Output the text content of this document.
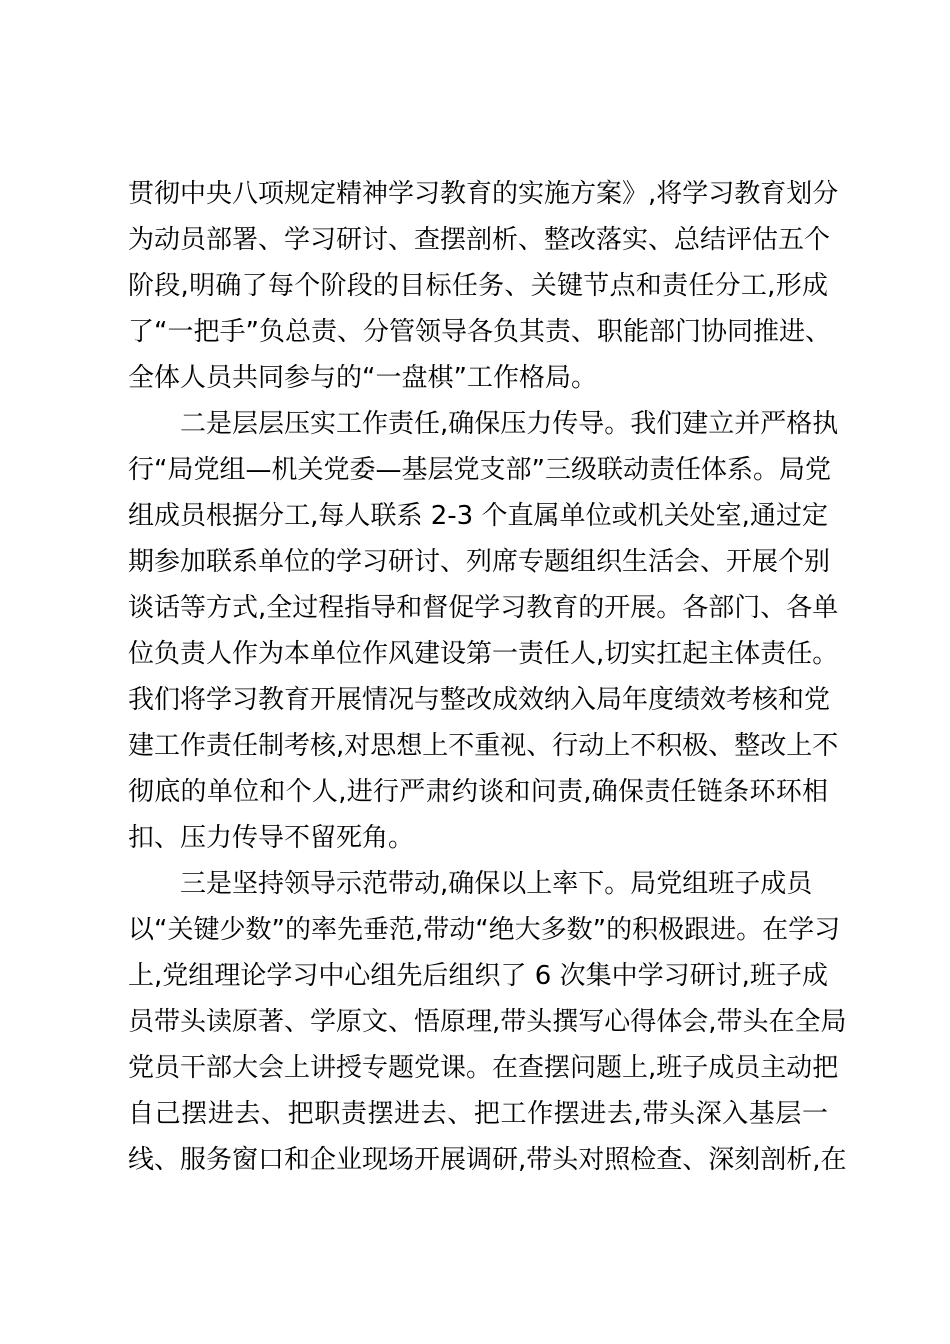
贯彻中央八项规定精神学习教育的实施方案》,将学习教育划分
为动员部署、学习研讨、查摆剖析、整改落实、总结评估五个
阶段,明确了每个阶段的目标任务、关键节点和责任分工,形成
了“一把手”负总责、分管领导各负其责、职能部门协同推进、
全体人员共同参与的“一盘棋”工作格局。
二是层层压实工作责任,确保压力传导。我们建立并严格执
行“局党组—机关党委—基层党支部”三级联动责任体系。局党
组成员根据分工,每人联系 2-3 个直属单位或机关处室,通过定
期参加联系单位的学习研讨、列席专题组织生活会、开展个别
谈话等方式,全过程指导和督促学习教育的开展。各部门、各单
位负责人作为本单位作风建设第一责任人,切实扛起主体责任。
我们将学习教育开展情况与整改成效纳入局年度绩效考核和党
建工作责任制考核,对思想上不重视、行动上不积极、整改上不
彻底的单位和个人,进行严肃约谈和问责,确保责任链条环环相
扣、压力传导不留死角。
三是坚持领导示范带动,确保以上率下。局党组班子成员
以“关键少数”的率先垂范,带动“绝大多数”的积极跟进。在学习
上,党组理论学习中心组先后组织了 6 次集中学习研讨,班子成
员带头读原著、学原文、悟原理,带头撰写心得体会,带头在全局
党员干部大会上讲授专题党课。在查摆问题上,班子成员主动把
自己摆进去、把职责摆进去、把工作摆进去,带头深入基层一
线、服务窗口和企业现场开展调研,带头对照检查、深刻剖析,在
